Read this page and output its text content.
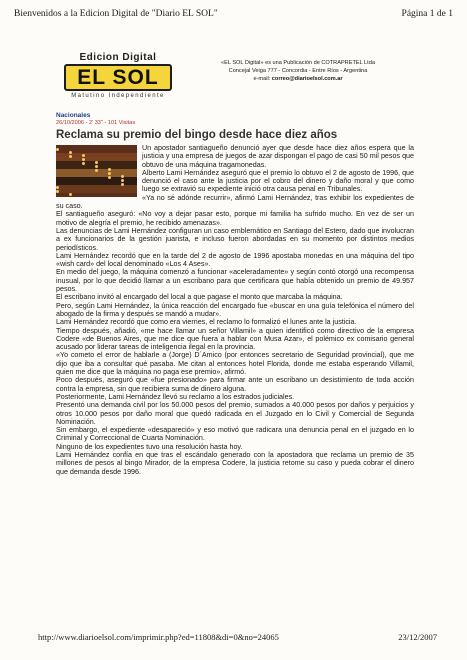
Bienvenidos a la Edicion Digital de "Diario EL SOL"	Página 1 de 1
Edicion Digital
EL SOL
Matutino Independiente
«EL SOL Digital» es una Publicación de COTRAPRETEL Ltda
Concejal Veiga 777 - Concordia - Entre Ríos - Argentina
e-mail: correo@diarioelsol.com.ar
Nacionales
26/10/2006 - 2' 33" - 101 Visitas
Reclama su premio del bingo desde hace diez años

Un apostador santiagueño denunció ayer que desde hace diez años espera que la justicia y una empresa de juegos de azar dispongan el pago de casi 50 mil pesos que obtuvo de una máquina tragamonedas.

Alberto Lami Hernández aseguró que el premio lo obtuvo el 2 de agosto de 1996, que denunció el caso ante la justicia por el cobro del dinero y daño moral y que como luego se extravió su expediente inició otra causa penal en Tribunales.

«Ya no sé adónde recurrir», afirmó Lami Hernández, tras exhibir los expedientes de su caso.

El santiagueño aseguró: «No voy a dejar pasar esto, porque mi familia ha sufrido mucho. En vez de ser un motivo de alegría el premio, he recibido amenazas».

Las denuncias de Lami Hernández configuran un caso emblemático en Santiago del Estero, dado que involucran a ex funcionarios de la gestión juarista, e incluso fueron abordadas en su momento por distintos medios periodísticos.

Lami Hernández recordó que en la tarde del 2 de agosto de 1996 apostaba monedas en una máquina del tipo «wish card» del local denominado «Los 4 Ases».

En medio del juego, la máquina comenzó a funcionar «aceleradamente» y según contó otorgó una recompensa inusual, por lo que decidió llamar a un escribano para que certificara que había obtenido un premio de 49.957 pesos.

El escribano invitó al encargado del local a que pagase el monto que marcaba la máquina.

Pero, según Lami Hernández, la única reacción del encargado fue «buscar en una guía telefónica el número del abogado de la firma y después se mandó a mudar».

Lami Hernández recordó que como era viernes, el reclamo lo formalizó el lunes ante la justicia.

Tiempo después, añadió, «me hace llamar un señor Villamil» a quien identificó como directivo de la empresa Codere «de Buenos Aires, que me dice que fuera a hablar con Musa Azar», el polémico ex comisario general acusado por liderar tareas de inteligencia ilegal en la provincia.

«Yo cometo el error de hablarle a (Jorge) D´Amico (por entonces secretario de Seguridad provincial), que me dijo que iba a consultar qué pasaba. Me citan al entonces hotel Florida, donde me estaba esperando Villamil, quien me dice que la máquina no paga ese premio», afirmó.

Poco después, aseguró que «fue presionado» para firmar ante un escribano un desistimiento de toda acción contra la empresa, sin que recibiera suma de dinero alguna.

Posteriormente, Lami Hernández llevó su reclamo a los estrados judiciales.

Presentó una demanda civil por los 50.000 pesos del premio, sumados a 40.000 pesos por daños y perjuicios y otros 10.000 pesos por daño moral que quedó radicada en el Juzgado en lo Civil y Comercial de Segunda Nominación.

Sin embargo, el expediente «desapareció» y eso motivó que radicara una denuncia penal en el juzgado en lo Criminal y Correccional de Cuarta Nominación.

Ninguno de los expedientes tuvo una resolución hasta hoy.

Lami Hernández confía en que tras el escándalo generado con la apostadora que reclama un premio de 35 millones de pesos al bingo Mirador, de la empresa Codere, la justicia retome su caso y pueda cobrar el dinero que demanda desde 1996.

http://www.diarioelsol.com/imprimir.php?ed=11808&di=0&no=24065	23/12/2007
